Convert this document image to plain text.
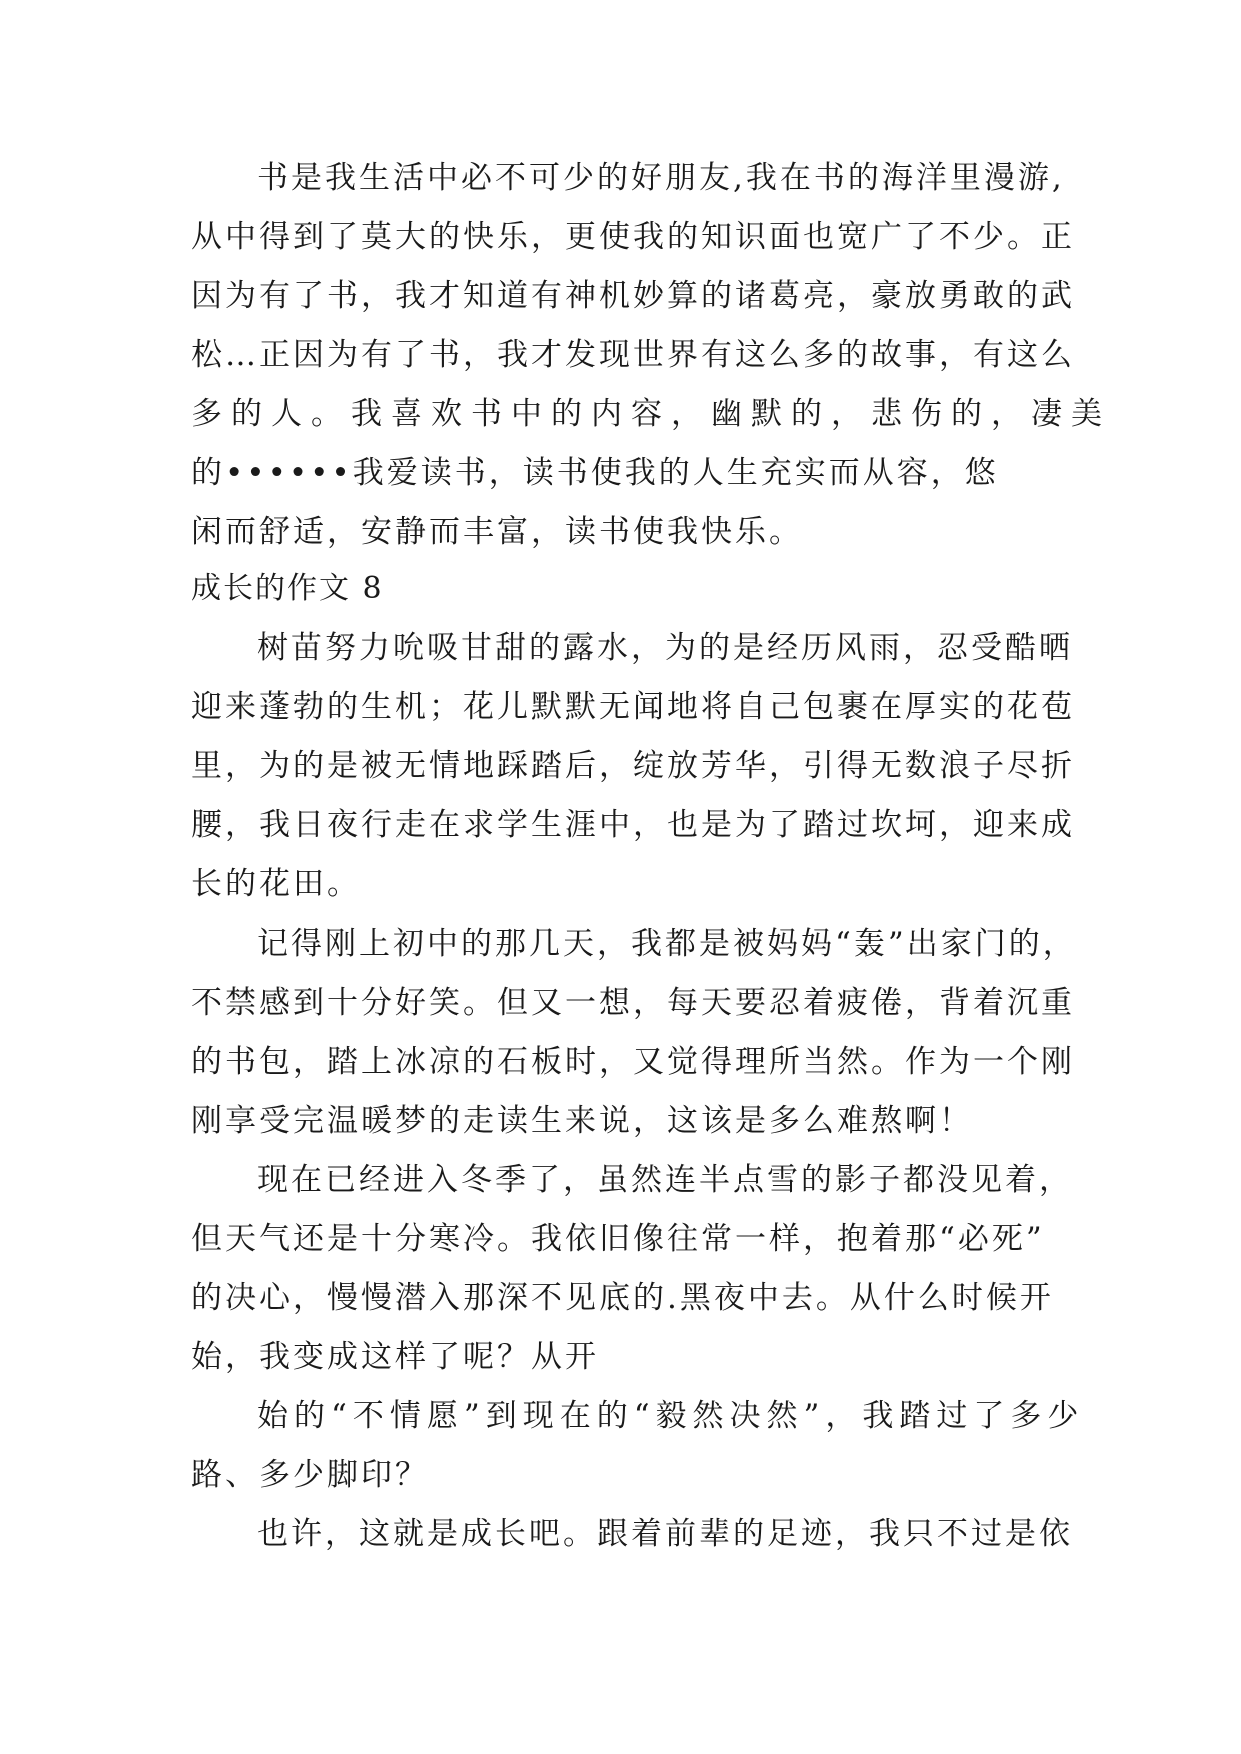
书是我生活中必不可少的好朋友,我在书的海洋里漫游,
从中得到了莫大的快乐，更使我的知识面也宽广了不少。正
因为有了书，我才知道有神机妙算的诸葛亮，豪放勇敢的武
松…正因为有了书，我才发现世界有这么多的故事，有这么
多的人。我喜欢书中的内容，幽默的，悲伤的，凄美
的••••••我爱读书，读书使我的人生充实而从容，悠
闲而舒适，安静而丰富，读书使我快乐。
成长的作文 8
树苗努力吮吸甘甜的露水，为的是经历风雨，忍受酷晒
迎来蓬勃的生机；花儿默默无闻地将自己包裹在厚实的花苞
里，为的是被无情地踩踏后，绽放芳华，引得无数浪子尽折
腰，我日夜行走在求学生涯中，也是为了踏过坎坷，迎来成
长的花田。
记得刚上初中的那几天，我都是被妈妈“轰”出家门的，
不禁感到十分好笑。但又一想，每天要忍着疲倦，背着沉重
的书包，踏上冰凉的石板时，又觉得理所当然。作为一个刚
刚享受完温暖梦的走读生来说，这该是多么难熬啊！
现在已经进入冬季了，虽然连半点雪的影子都没见着，
但天气还是十分寒冷。我依旧像往常一样，抱着那“必死”
的决心，慢慢潜入那深不见底的.黑夜中去。从什么时候开
始，我变成这样了呢？从开
始的“不情愿”到现在的“毅然决然”，我踏过了多少
路、多少脚印？
也许，这就是成长吧。跟着前辈的足迹，我只不过是依
